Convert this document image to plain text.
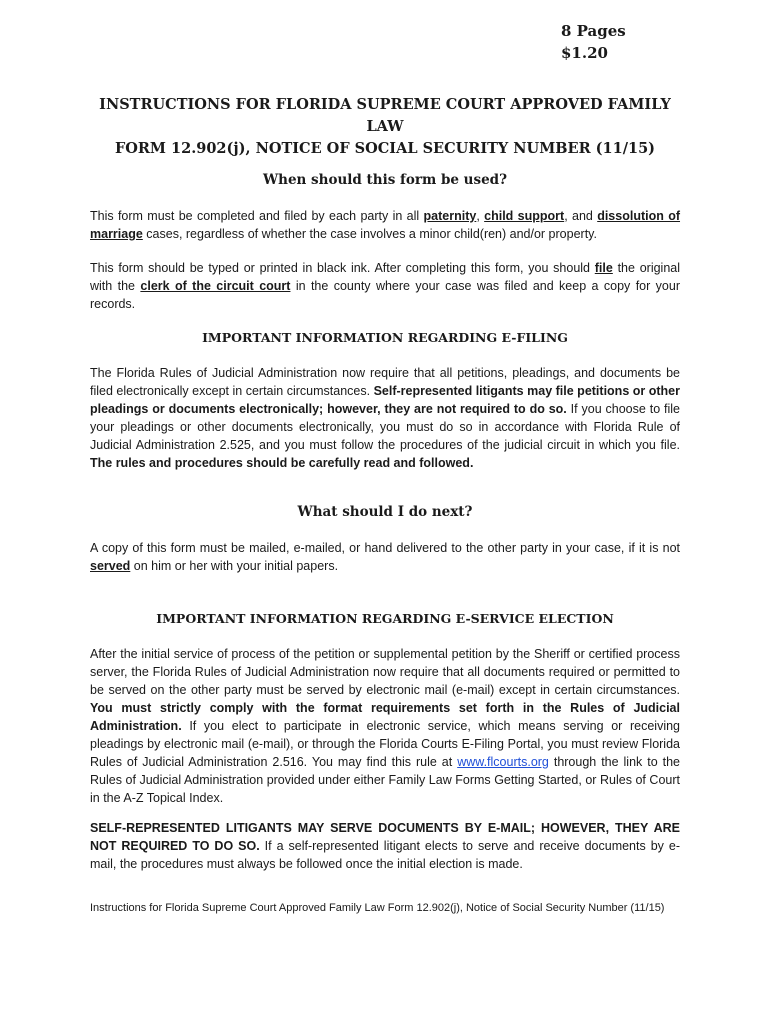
8 Pages
$1.20
INSTRUCTIONS FOR FLORIDA SUPREME COURT APPROVED FAMILY LAW
FORM 12.902(j), NOTICE OF SOCIAL SECURITY NUMBER (11/15)
When should this form be used?

This form must be completed and filed by each party in all paternity, child support, and dissolution of marriage cases, regardless of whether the case involves a minor child(ren) and/or property.

This form should be typed or printed in black ink. After completing this form, you should file the original with the clerk of the circuit court in the county where your case was filed and keep a copy for your records.

IMPORTANT INFORMATION REGARDING E-FILING

The Florida Rules of Judicial Administration now require that all petitions, pleadings, and documents be filed electronically except in certain circumstances. Self-represented litigants may file petitions or other pleadings or documents electronically; however, they are not required to do so. If you choose to file your pleadings or other documents electronically, you must do so in accordance with Florida Rule of Judicial Administration 2.525, and you must follow the procedures of the judicial circuit in which you file. The rules and procedures should be carefully read and followed.

What should I do next?

A copy of this form must be mailed, e-mailed, or hand delivered to the other party in your case, if it is not served on him or her with your initial papers.

IMPORTANT INFORMATION REGARDING E-SERVICE ELECTION

After the initial service of process of the petition or supplemental petition by the Sheriff or certified process server, the Florida Rules of Judicial Administration now require that all documents required or permitted to be served on the other party must be served by electronic mail (e-mail) except in certain circumstances. You must strictly comply with the format requirements set forth in the Rules of Judicial Administration. If you elect to participate in electronic service, which means serving or receiving pleadings by electronic mail (e-mail), or through the Florida Courts E-Filing Portal, you must review Florida Rules of Judicial Administration 2.516. You may find this rule at www.flcourts.org through the link to the Rules of Judicial Administration provided under either Family Law Forms Getting Started, or Rules of Court in the A-Z Topical Index.

SELF-REPRESENTED LITIGANTS MAY SERVE DOCUMENTS BY E-MAIL; HOWEVER, THEY ARE NOT REQUIRED TO DO SO. If a self-represented litigant elects to serve and receive documents by e-mail, the procedures must always be followed once the initial election is made.

Instructions for Florida Supreme Court Approved Family Law Form 12.902(j), Notice of Social Security Number (11/15)
